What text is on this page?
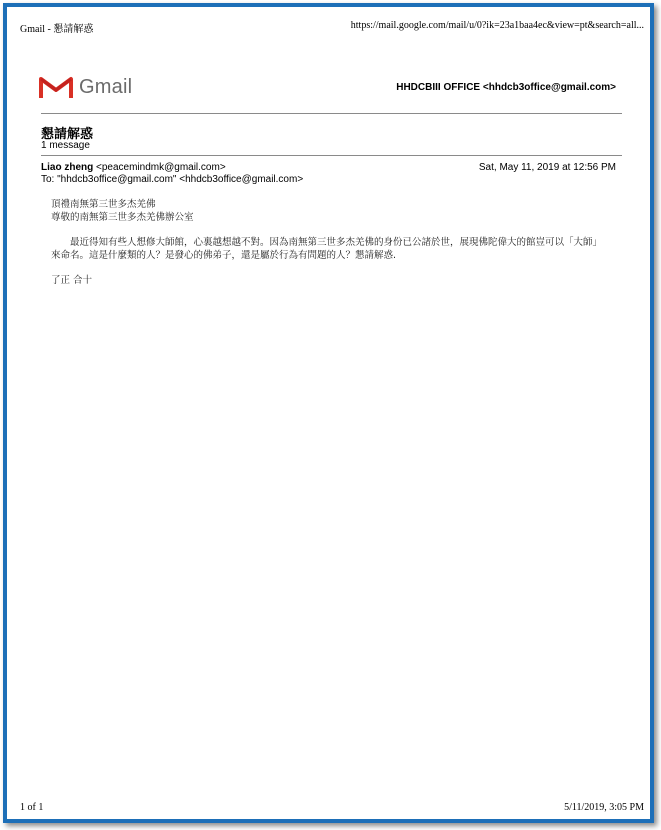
Gmail - 懇請解惑	https://mail.google.com/mail/u/0?ik=23a1baa4ec&view=pt&search=all...
Gmail	HHDCBIII OFFICE <hhdcb3office@gmail.com>
懇請解惑
1 message
Liao zheng <peacemindmk@gmail.com>	Sat, May 11, 2019 at 12:56 PM
To: "hhdcb3office@gmail.com" <hhdcb3office@gmail.com>

頂禮南無第三世多杰羌佛

尊敬的南無第三世多杰羌佛辦公室

最近得知有些人想修大師館，心裏越想越不對。因為南無第三世多杰羌佛的身份已公諸於世，展現佛陀偉大的館豈可以「大師」來命名。這是什麼類的人？是發心的佛弟子，還是屬於行為有問題的人？懇請解惑.

了正 合十

1 of 1	5/11/2019, 3:05 PM
